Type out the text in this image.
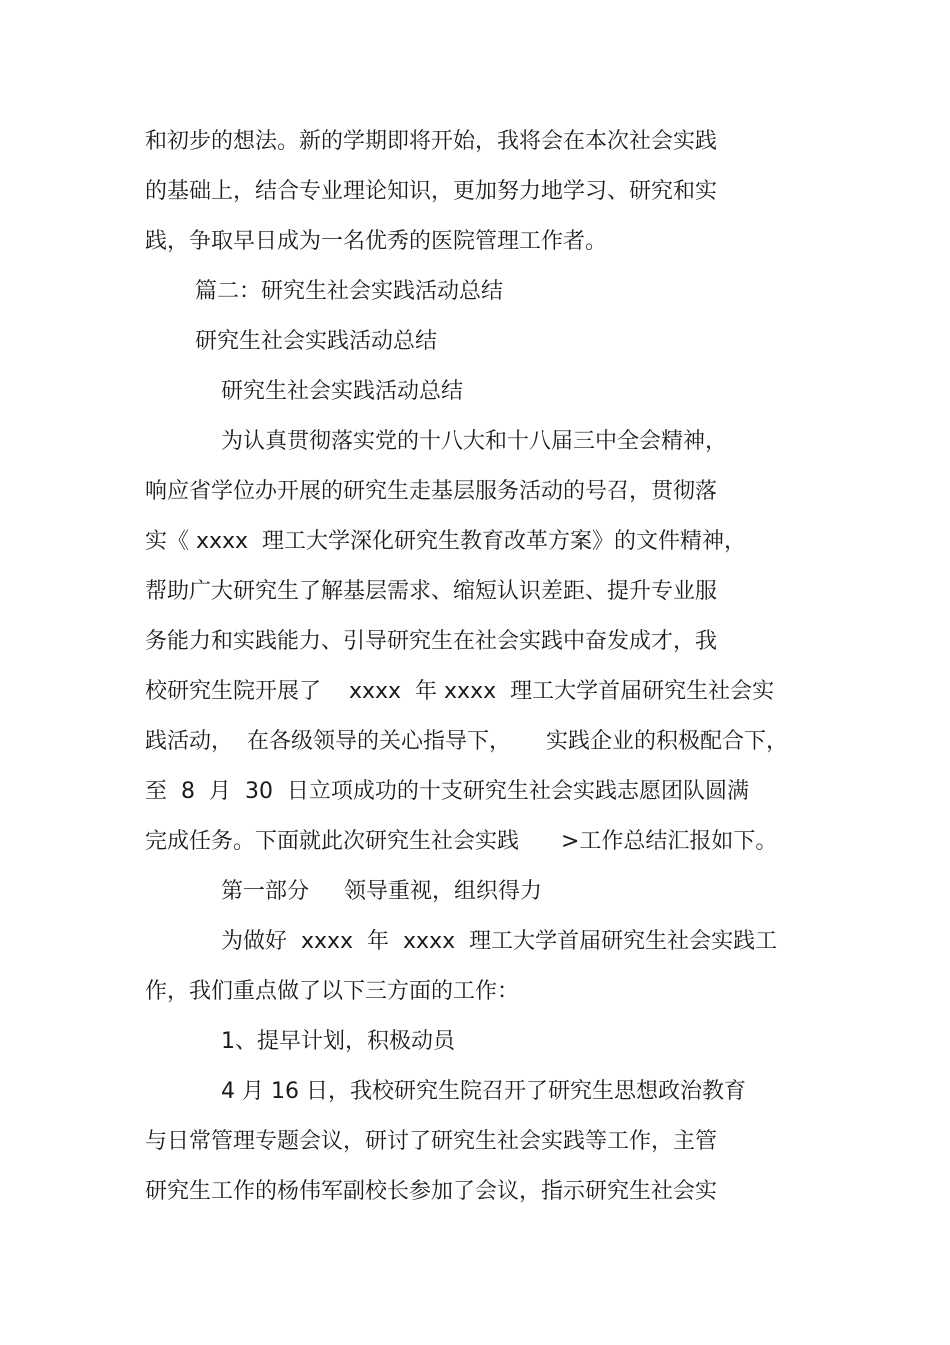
和初步的想法。新的学期即将开始，我将会在本次社会实践
的基础上，结合专业理论知识，更加努力地学习、研究和实
践，争取早日成为一名优秀的医院管理工作者。
篇二：研究生社会实践活动总结
研究生社会实践活动总结
研究生社会实践活动总结
为认真贯彻落实党的十八大和十八届三中全会精神，
响应省学位办开展的研究生走基层服务活动的号召，贯彻落
实《 xxxx  理工大学深化研究生教育改革方案》的文件精神，
帮助广大研究生了解基层需求、缩短认识差距、提升专业服
务能力和实践能力、引导研究生在社会实践中奋发成才，我
校研究生院开展了    xxxx  年 xxxx  理工大学首届研究生社会实
践活动，  在各级领导的关心指导下，     实践企业的积极配合下，
至  8  月  30  日立项成功的十支研究生社会实践志愿团队圆满
完成任务。下面就此次研究生社会实践      >工作总结汇报如下。
第一部分     领导重视，组织得力
为做好  xxxx  年  xxxx  理工大学首届研究生社会实践工
作，我们重点做了以下三方面的工作：
1、提早计划，积极动员
4 月 16 日，我校研究生院召开了研究生思想政治教育
与日常管理专题会议，研讨了研究生社会实践等工作，主管
研究生工作的杨伟军副校长参加了会议，指示研究生社会实
